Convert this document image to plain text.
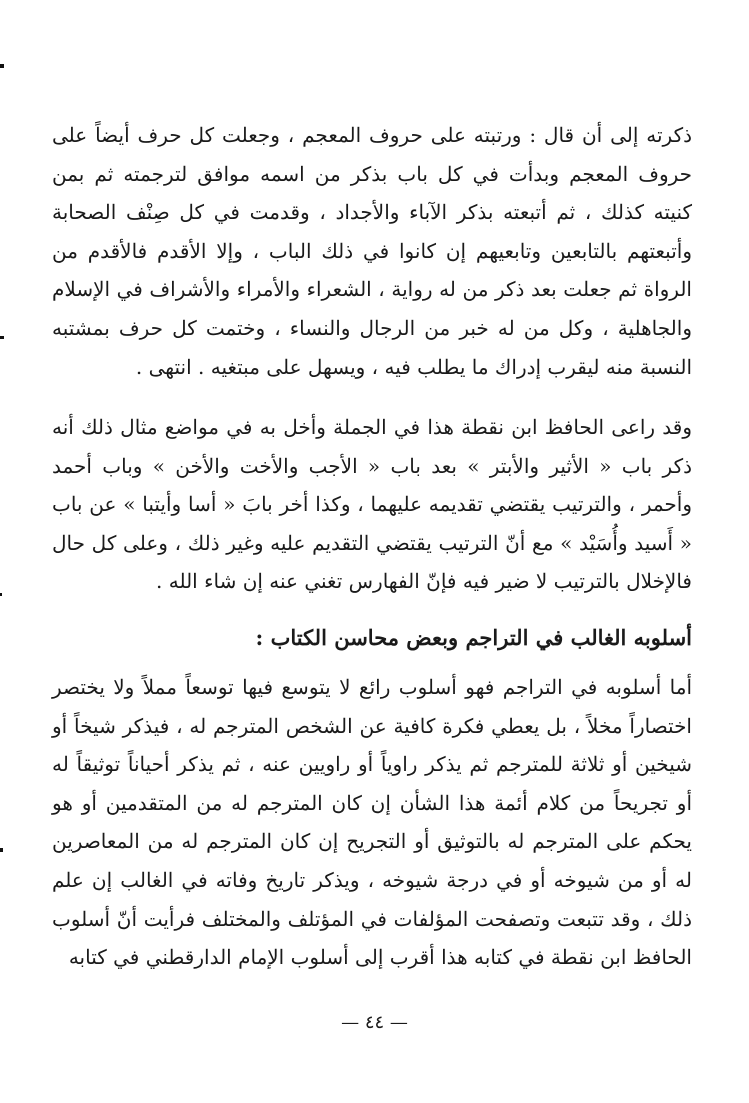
ذكرته إلى أن قال : ورتبته على حروف المعجم ، وجعلت كل حرف أيضاً على حروف المعجم وبدأت في كل باب بذكر من اسمه موافق لترجمته ثم بمن كنيته كذلك ، ثم أتبعته بذكر الآباء والأجداد ، وقدمت في كل صِنْف الصحابة وأتبعتهم بالتابعين وتابعيهم إن كانوا في ذلك الباب ، وإلا الأقدم فالأقدم من الرواة ثم جعلت بعد ذكر من له رواية ، الشعراء والأمراء والأشراف في الإسلام والجاهلية ، وكل من له خبر من الرجال والنساء ، وختمت كل حرف بمشتبه النسبة منه ليقرب إدراك ما يطلب فيه ، ويسهل على مبتغيه . انتهى .

وقد راعى الحافظ ابن نقطة هذا في الجملة وأخل به في مواضع مثال ذلك أنه ذكر باب « الأثير والأبتر » بعد باب « الأجب والأخت والأخن » وباب أحمد وأحمر ، والترتيب يقتضي تقديمه عليهما ، وكذا أخر بابَ « أسا وأيتبا » عن باب « أَسيد وأُسَيْد » مع أنّ الترتيب يقتضي التقديم عليه وغير ذلك ، وعلى كل حال فالإخلال بالترتيب لا ضير فيه فإنّ الفهارس تغني عنه إن شاء الله .

أسلوبه الغالب في التراجم وبعض محاسن الكتاب :

أما أسلوبه في التراجم فهو أسلوب رائع لا يتوسع فيها توسعاً مملاً ولا يختصر اختصاراً مخلاً ، بل يعطي فكرة كافية عن الشخص المترجم له ، فيذكر شيخاً أو شيخين أو ثلاثة للمترجم ثم يذكر راوياً أو راويين عنه ، ثم يذكر أحياناً توثيقاً له أو تجريحاً من كلام أئمة هذا الشأن إن كان المترجم له من المتقدمين أو هو يحكم على المترجم له بالتوثيق أو التجريح إن كان المترجم له من المعاصرين له أو من شيوخه أو في درجة شيوخه ، ويذكر تاريخ وفاته في الغالب إن علم ذلك ، وقد تتبعت وتصفحت المؤلفات في المؤتلف والمختلف فرأيت أنّ أسلوب الحافظ ابن نقطة في كتابه هذا أقرب إلى أسلوب الإمام الدارقطني في كتابه

— ٤٤ —
